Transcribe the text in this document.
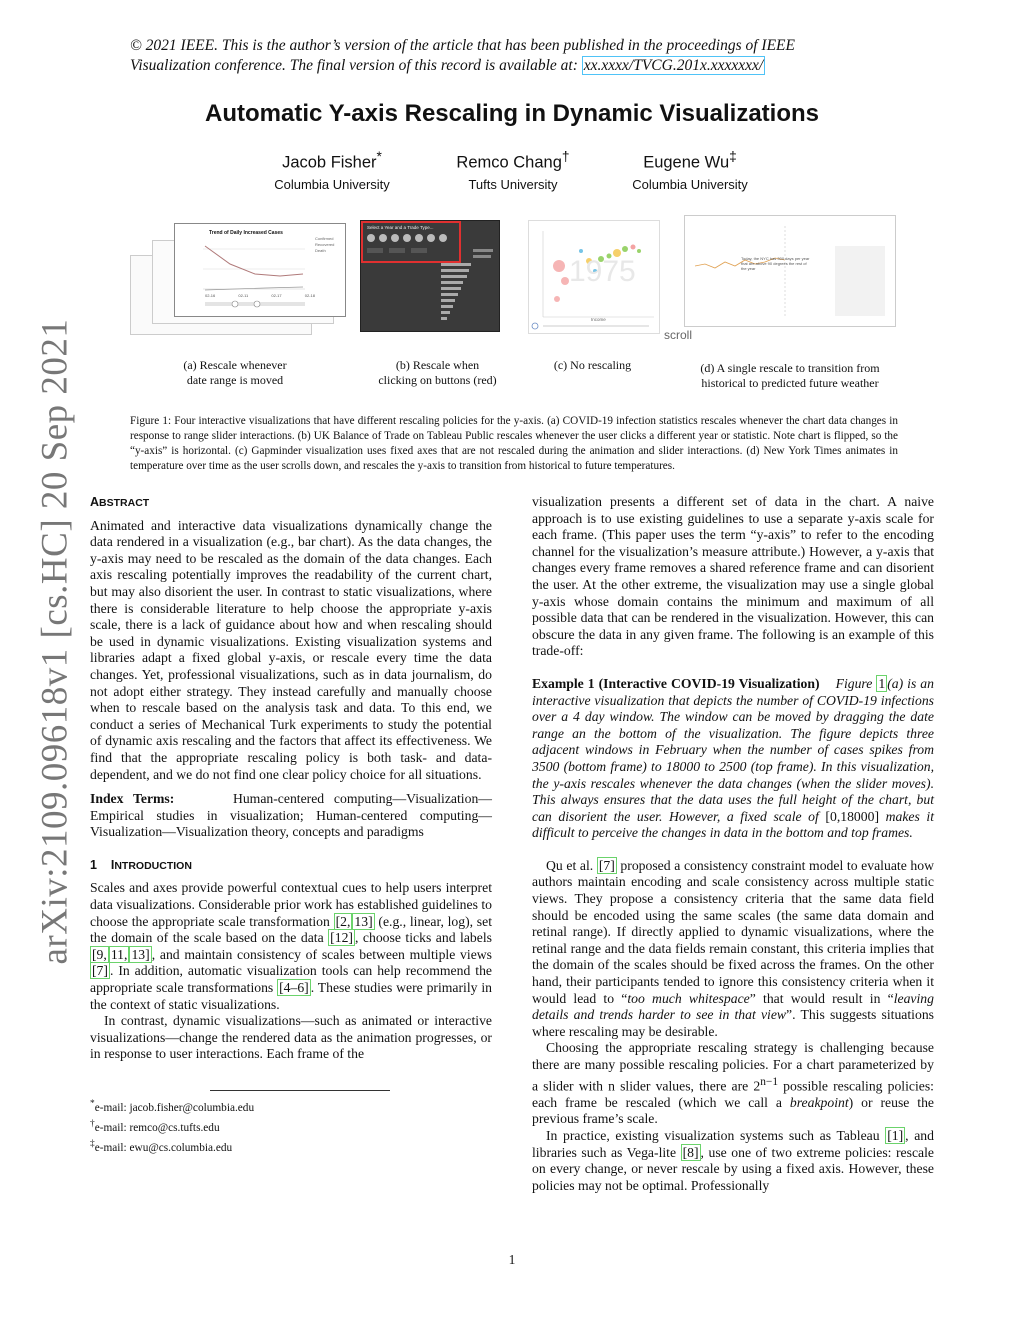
© 2021 IEEE. This is the author’s version of the article that has been published in the proceedings of IEEE
Visualization conference. The final version of this record is available at: xx.xxxx/TVCG.201x.xxxxxxx/
Automatic Y-axis Rescaling in Dynamic Visualizations
Jacob Fisher*
Columbia University
Remco Chang†
Tufts University
Eugene Wu‡
Columbia University
arXiv:2109.09618v1 [cs.HC] 20 Sep 2021
Trend of Daily Increased Cases
Confirmed
Recovered
Death
02-16	02-11	02-17	02-18
Select a Year and a Trade Type...
1975
Income
Today, the NYC has 300 days per year that are above 90 degrees the rest of the year
scroll
(a) Rescale whenever
date range is moved
(b) Rescale when
clicking on buttons (red)
(c) No rescaling	(d) A single rescale to transition from
historical to predicted future weather
Figure 1: Four interactive visualizations that have different rescaling policies for the y-axis. (a) COVID-19 infection statistics rescales whenever the chart data changes in response to range slider interactions. (b) UK Balance of Trade on Tableau Public rescales whenever the user clicks a different year or statistic. Note chart is flipped, so the “y-axis” is horizontal. (c) Gapminder visualization uses fixed axes that are not rescaled during the animation and slider interactions. (d) New York Times animates in temperature over time as the user scrolls down, and rescales the y-axis to transition from historical to future temperatures.
ABSTRACT

Animated and interactive data visualizations dynamically change the data rendered in a visualization (e.g., bar chart). As the data changes, the y-axis may need to be rescaled as the domain of the data changes. Each axis rescaling potentially improves the readability of the current chart, but may also disorient the user. In contrast to static visualizations, where there is considerable literature to help choose the appropriate y-axis scale, there is a lack of guidance about how and when rescaling should be used in dynamic visualizations. Existing visualization systems and libraries adapt a fixed global y-axis, or rescale every time the data changes. Yet, professional visualizations, such as in data journalism, do not adopt either strategy. They instead carefully and manually choose when to rescale based on the analysis task and data. To this end, we conduct a series of Mechanical Turk experiments to study the potential of dynamic axis rescaling and the factors that affect its effectiveness. We find that the appropriate rescaling policy is both task- and data-dependent, and we do not find one clear policy choice for all situations.

Index Terms:	Human-centered computing—Visualization—Empirical studies in visualization; Human-centered computing—Visualization—Visualization theory, concepts and paradigms

1 INTRODUCTION

Scales and axes provide powerful contextual cues to help users interpret data visualizations. Considerable prior work has established guidelines to choose the appropriate scale transformation [2, 13] (e.g., linear, log), set the domain of the scale based on the data [12] , choose ticks and labels [9, 11, 13] , and maintain consistency of scales between multiple views [7] . In addition, automatic visualization tools can help recommend the appropriate scale transformations [4–6] . These studies were primarily in the context of static visualizations.

In contrast, dynamic visualizations—such as animated or interactive visualizations—change the rendered data as the animation progresses, or in response to user interactions. Each frame of the

*e-mail: jacob.fisher@columbia.edu
†e-mail: remco@cs.tufts.edu
‡e-mail: ewu@cs.columbia.edu

visualization presents a different set of data in the chart. A naive approach is to use existing guidelines to use a separate y-axis scale for each frame. (This paper uses the term “y-axis” to refer to the encoding channel for the visualization’s measure attribute.) However, a y-axis that changes every frame removes a shared reference frame and can disorient the user. At the other extreme, the visualization may use a single global y-axis whose domain contains the minimum and maximum of all possible data that can be rendered in the visualization. However, this can obscure the data in any given frame. The following is an example of this trade-off:

Example 1 (Interactive COVID-19 Visualization) Figure 1 (a) is an interactive visualization that depicts the number of COVID-19 infections over a 4 day window. The window can be moved by dragging the date range an the bottom of the visualization. The figure depicts three adjacent windows in February when the number of cases spikes from 3500 (bottom frame) to 18000 to 2500 (top frame). In this visualization, the y-axis rescales whenever the data changes (when the slider moves). This always ensures that the data uses the full height of the chart, but can disorient the user. However, a fixed scale of [0,18000] makes it difficult to perceive the changes in data in the bottom and top frames.

Qu et al. [7] proposed a consistency constraint model to evaluate how authors maintain encoding and scale consistency across multiple static views. They propose a consistency criteria that the same data field should be encoded using the same scales (the same data domain and retinal range). If directly applied to dynamic visualizations, where the retinal range and the data fields remain constant, this criteria implies that the domain of the scales should be fixed across the frames. On the other hand, their participants tended to ignore this consistency criteria when it would lead to “too much whitespace” that would result in “leaving details and trends harder to see in that view”. This suggests situations where rescaling may be desirable.

Choosing the appropriate rescaling strategy is challenging because there are many possible rescaling policies. For a chart parameterized by a slider with n slider values, there are $2^{n-1}$ possible rescaling policies: each frame be rescaled (which we call a breakpoint) or reuse the previous frame’s scale.

In practice, existing visualization systems such as Tableau [1] , and libraries such as Vega-lite [8] , use one of two extreme policies: rescale on every change, or never rescale by using a fixed axis. However, these policies may not be optimal. Professionally

1
